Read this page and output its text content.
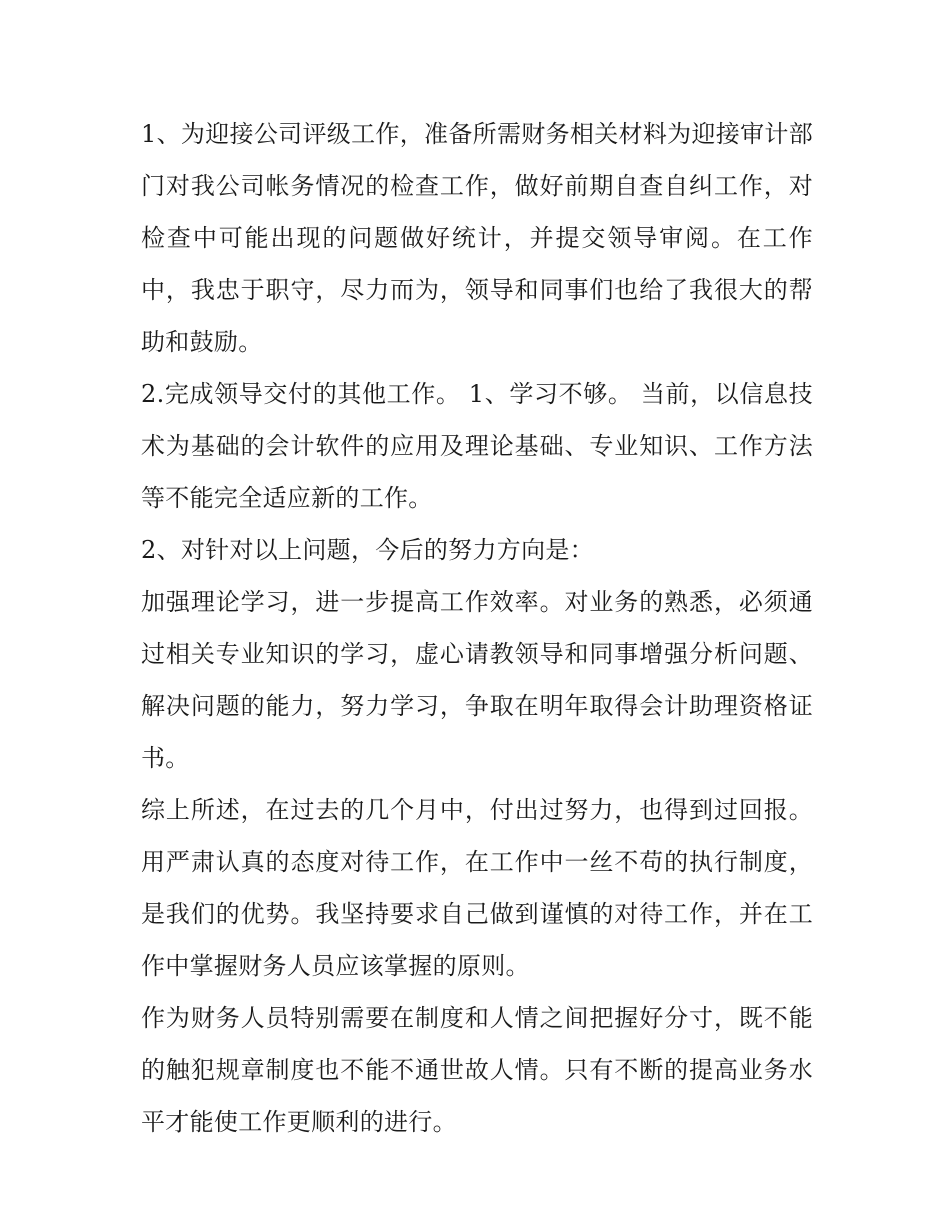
1、为迎接公司评级工作，准备所需财务相关材料为迎接审计部门对我公司帐务情况的检查工作，做好前期自查自纠工作，对检查中可能出现的问题做好统计，并提交领导审阅。在工作中，我忠于职守，尽力而为，领导和同事们也给了我很大的帮助和鼓励。

2.完成领导交付的其他工作。 1、学习不够。 当前，以信息技术为基础的会计软件的应用及理论基础、专业知识、工作方法等不能完全适应新的工作。

2、对针对以上问题，今后的努力方向是：

加强理论学习，进一步提高工作效率。对业务的熟悉，必须通过相关专业知识的学习，虚心请教领导和同事增强分析问题、解决问题的能力，努力学习，争取在明年取得会计助理资格证书。

综上所述，在过去的几个月中，付出过努力，也得到过回报。用严肃认真的态度对待工作，在工作中一丝不苟的执行制度，是我们的优势。我坚持要求自己做到谨慎的对待工作，并在工作中掌握财务人员应该掌握的原则。

作为财务人员特别需要在制度和人情之间把握好分寸，既不能的触犯规章制度也不能不通世故人情。只有不断的提高业务水平才能使工作更顺利的进行。
